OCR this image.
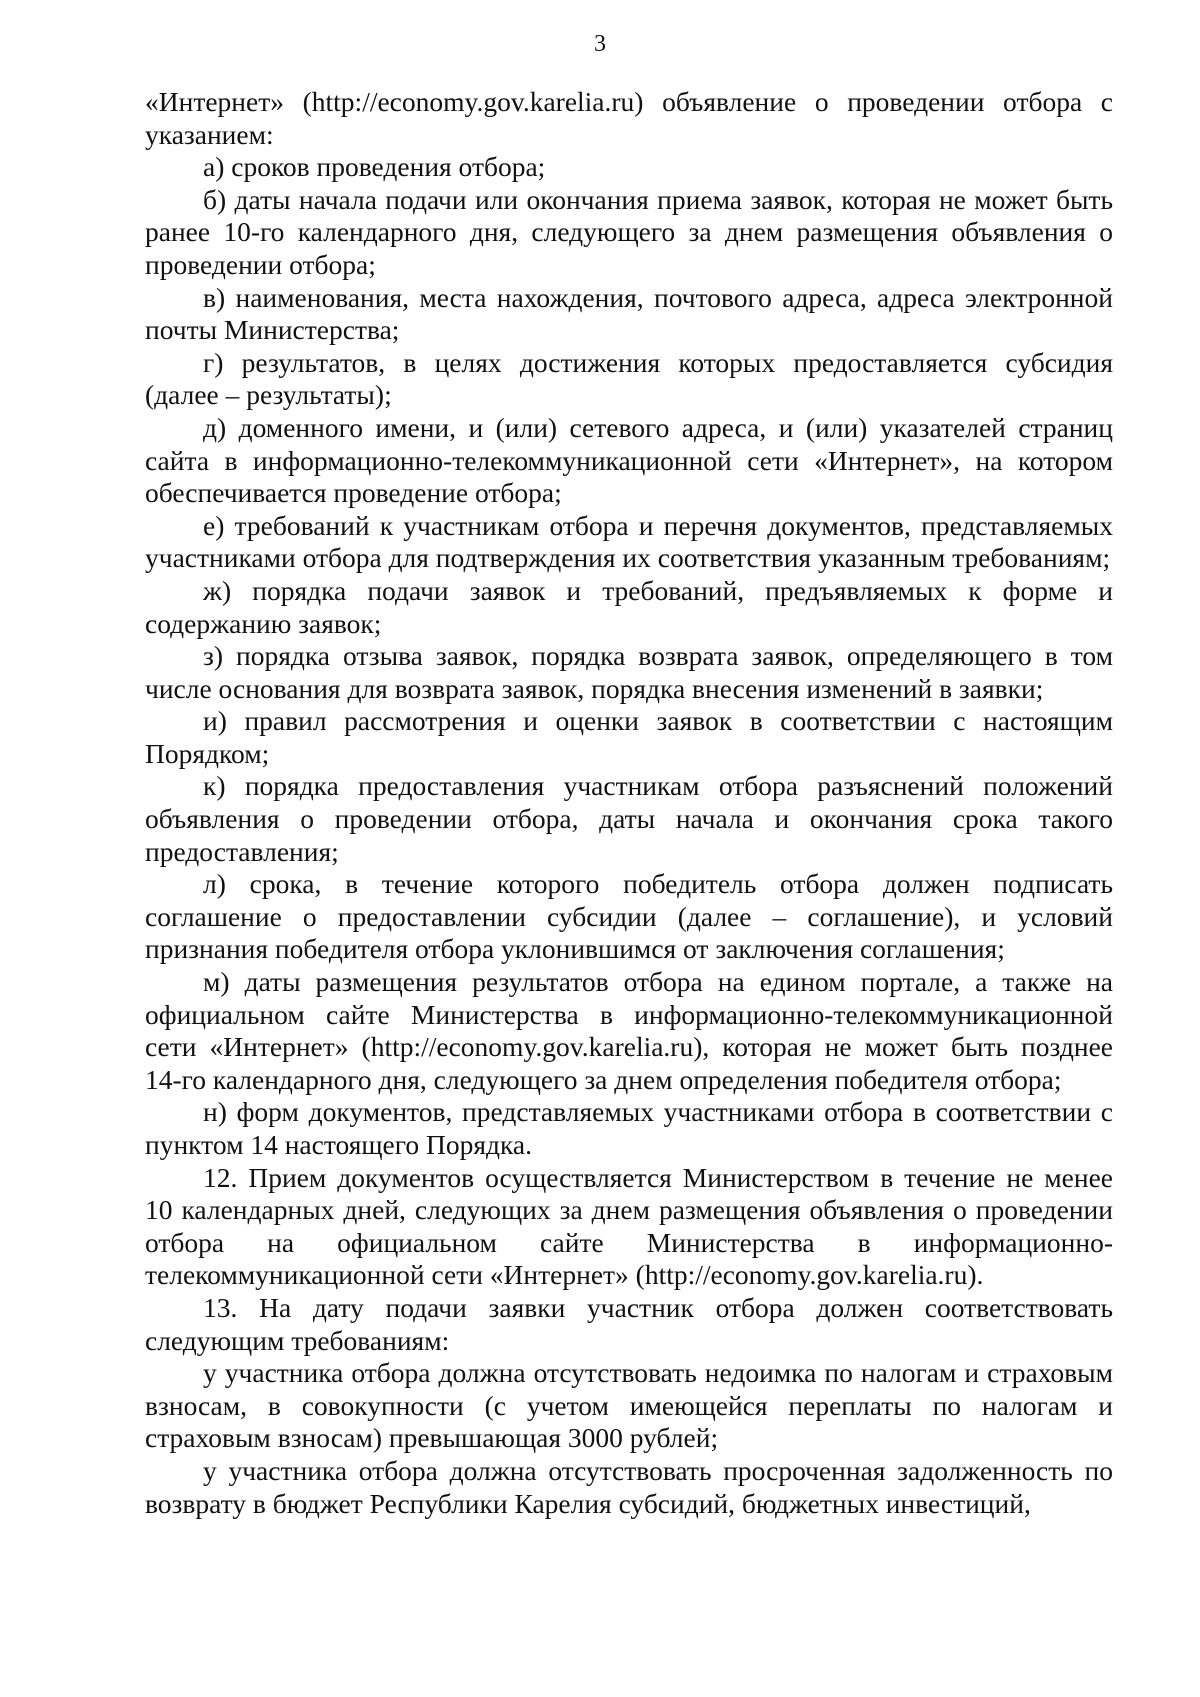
3

«Интернет» (http://economy.gov.karelia.ru) объявление о проведении отбора с указанием:

а) сроков проведения отбора;

б) даты начала подачи или окончания приема заявок, которая не может быть ранее 10-го календарного дня, следующего за днем размещения объявления о проведении отбора;

в) наименования, места нахождения, почтового адреса, адреса электронной почты Министерства;

г) результатов, в целях достижения которых предоставляется субсидия (далее – результаты);

д) доменного имени, и (или) сетевого адреса, и (или) указателей страниц сайта в информационно-телекоммуникационной сети «Интернет», на котором обеспечивается проведение отбора;

е) требований к участникам отбора и перечня документов, представляемых участниками отбора для подтверждения их соответствия указанным требованиям;

ж) порядка подачи заявок и требований, предъявляемых к форме и содержанию заявок;

з) порядка отзыва заявок, порядка возврата заявок, определяющего в том числе основания для возврата заявок, порядка внесения изменений в заявки;

и) правил рассмотрения и оценки заявок в соответствии с настоящим Порядком;

к) порядка предоставления участникам отбора разъяснений положений объявления о проведении отбора, даты начала и окончания срока такого предоставления;

л) срока, в течение которого победитель отбора должен подписать соглашение о предоставлении субсидии (далее – соглашение), и условий признания победителя отбора уклонившимся от заключения соглашения;

м) даты размещения результатов отбора на едином портале, а также на официальном сайте Министерства в информационно-телекоммуникационной сети «Интернет» (http://economy.gov.karelia.ru), которая не может быть позднее 14-го календарного дня, следующего за днем определения победителя отбора;

н) форм документов, представляемых участниками отбора в соответствии с пунктом 14 настоящего Порядка.

12. Прием документов осуществляется Министерством в течение не менее 10 календарных дней, следующих за днем размещения объявления о проведении отбора на официальном сайте Министерства в информационно-телекоммуникационной сети «Интернет» (http://economy.gov.karelia.ru).

13. На дату подачи заявки участник отбора должен соответствовать следующим требованиям:

у участника отбора должна отсутствовать недоимка по налогам и страховым взносам, в совокупности (с учетом имеющейся переплаты по налогам и страховым взносам) превышающая 3000 рублей;

у участника отбора должна отсутствовать просроченная задолженность по возврату в бюджет Республики Карелия субсидий, бюджетных инвестиций,
